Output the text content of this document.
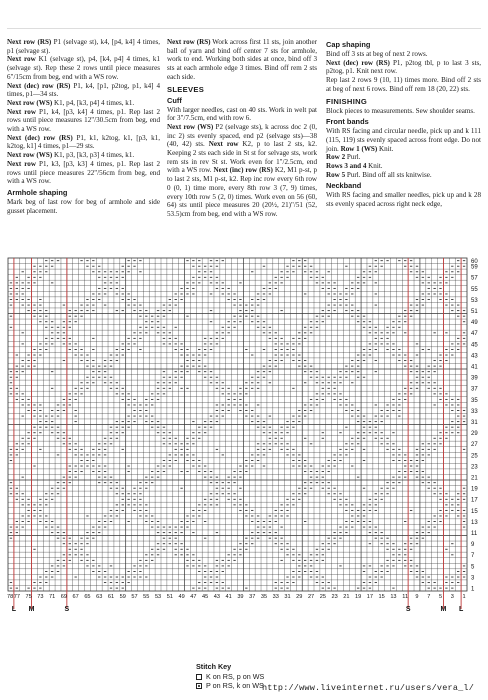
Next row (RS) P1 (selvage st), k4, [p4, k4] 4 times, p1 (selvage st).

Next row K1 (selvage st), p4, [k4, p4] 4 times, k1 (selvage st). Rep these 2 rows until piece measures 6"/15cm from beg, end with a WS row.

Next (dec) row (RS) P1, k4, [p1, p2tog, p1, k4] 4 times, p1—34 sts.

Next row (WS) K1, p4, [k3, p4] 4 times, k1.

Next row P1, k4, [p3, k4] 4 times, p1. Rep last 2 rows until piece measures 12"/30.5cm from beg, end with a WS row.

Next (dec) row (RS) P1, k1, k2tog, k1, [p3, k1, k2tog, k1] 4 times, p1—29 sts.

Next row (WS) K1, p3, [k3, p3] 4 times, k1.

Next row P1, k3, [p3, k3] 4 times, p1. Rep last 2 rows until piece measures 22"/56cm from beg, end with a WS row.

Armhole shaping

Mark beg of last row for beg of armhole and side gusset placement.

Next row (RS) Work across first 11 sts, join another ball of yarn and bind off center 7 sts for armhole, work to end. Working both sides at once, bind off 3 sts at each armhole edge 3 times. Bind off rem 2 sts each side.

SLEEVES
Cuff

With larger needles, cast on 40 sts. Work in welt pat for 3"/7.5cm, end with row 6.

Next row (WS) P2 (selvage sts), k across doc 2 (0, inc 2) sts evenly spaced, end p2 (selvage sts)—38 (40, 42) sts. Next row K2, p to last 2 sts, k2. Keeping 2 sts each side in St st for selvage sts, work rem sts in rev St st. Work even for 1"/2.5cm, end with a WS row. Next (inc) row (RS) K2, M1 p-st, p to last 2 sts, M1 p-st, k2. Rep inc row every 6th row 0 (0, 1) time more, every 8th row 3 (7, 9) times, every 10th row 5 (2, 0) times. Work even on 56 (60, 64) sts until piece measures 20 (20½, 21)"/51 (52, 53.5)cm from beg, end with a WS row.

Cap shaping

Bind off 3 sts at beg of next 2 rows.

Next (dec) row (RS) P1, p2tog tbl, p to last 3 sts, p2tog, p1. Knit next row.

Rep last 2 rows 9 (10, 11) times more. Bind off 2 sts at beg of next 6 rows. Bind off rem 18 (20, 22) sts.

FINISHING

Block pieces to measurements. Sew shoulder seams.

Front bands

With RS facing and circular needle, pick up and k 111 (115, 119) sts evenly spaced across front edge. Do not join. Row 1 (WS) Knit.

Row 2 Purl.

Rows 3 and 4 Knit.

Row 5 Purl. Bind off all sts knitwise.

Neckband

With RS facing and smaller needles, pick up and k 28 sts evenly spaced across right neck edge,

60
59
57
55
53
51
49
47
45
43
41
39
37
35
33
31
29
27
25
23
21
19
17
15
13
11
9
7
5
3
1
78 77 75 73 71 69 67 65 63 61 59 57 55 53 51 49 47 45 43 41 39 37 35 33 31 29 27 25 23 21 19 17 15 13 11 9 7 5 3 1
L M	S	S	M L
Stitch Key
K on RS, p on WS
P on RS, k on WS
http://www.liveinternet.ru/users/vera_l/
